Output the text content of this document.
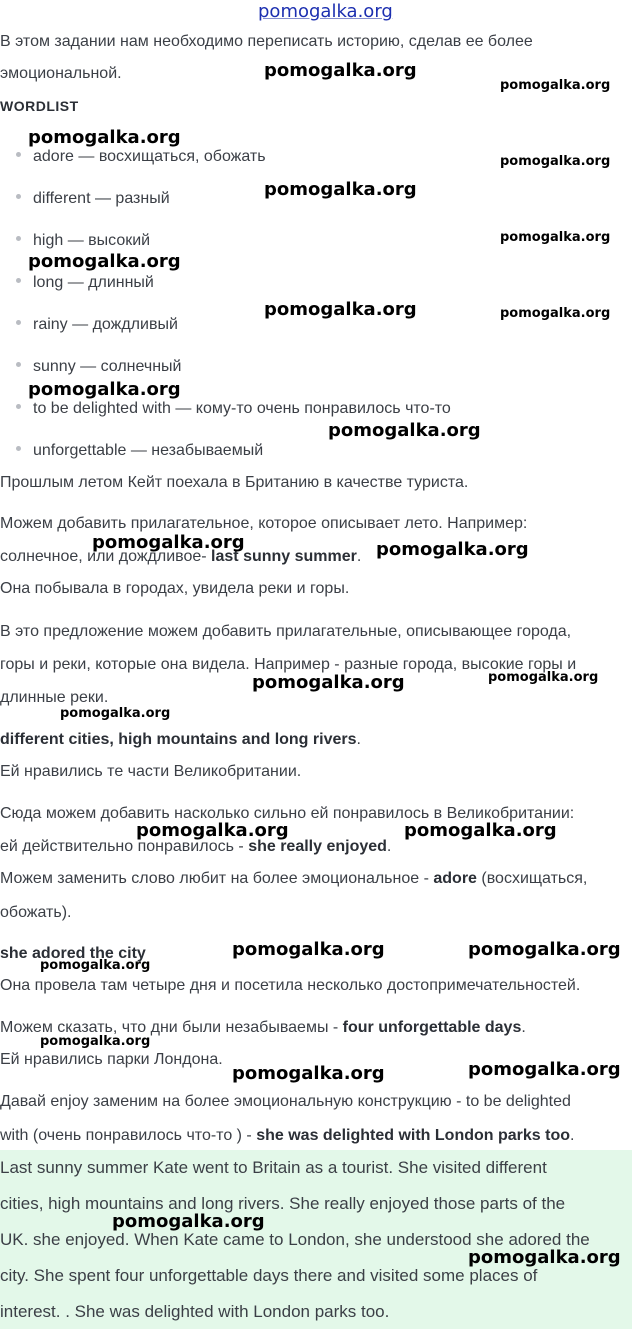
pomogalka.org
В этом задании нам необходимо переписать историю, сделав ее более
эмоциональной.
WORDLIST
adore — восхищаться, обожать
different — разный
high — высокий
long — длинный
rainy — дождливый
sunny — солнечный
to be delighted with — кому-то очень понравилось что-то
unforgettable — незабываемый
Прошлым летом Кейт поехала в Британию в качестве туриста.
Можем добавить прилагательное, которое описывает лето. Например:
солнечное, или дождливое- last sunny summer.
Она побывала в городах, увидела реки и горы.
В это предложение можем добавить прилагательные, описывающее города,
горы и реки, которые она видела. Например - разные города, высокие горы и
длинные реки.
different cities, high mountains and long rivers.
Ей нравились те части Великобритании.
Сюда можем добавить насколько сильно ей понравилось в Великобритании:
ей действительно понравилось - she really enjoyed.
Можем заменить слово любит на более эмоциональное - adore (восхищаться,
обожать).
she adored the city
Она провела там четыре дня и посетила несколько достопримечательностей.
Можем сказать, что дни были незабываемы - four unforgettable days.
Ей нравились парки Лондона.
Давай enjoy заменим на более эмоциональную конструкцию - to be delighted
with (очень понравилось что-то ) - she was delighted with London parks too.
Last sunny summer Kate went to Britain as a tourist. She visited different
cities, high mountains and long rivers. She really enjoyed those parts of the
UK. she enjoyed. When Kate came to London, she understood she adored the
city. She spent four unforgettable days there and visited some places of
interest. . She was delighted with London parks too.
pomogalka.org
pomogalka.org
pomogalka.org
pomogalka.org
pomogalka.org
pomogalka.org
pomogalka.org
pomogalka.org	pomogalka.org
pomogalka.org
pomogalka.org
pomogalka.org	pomogalka.org
pomogalka.org	pomogalka.org
pomogalka.org
pomogalka.org	pomogalka.org
pomogalka.org	pomogalka.org
pomogalka.org
pomogalka.org
pomogalka.org	pomogalka.org
pomogalka.org
pomogalka.org
